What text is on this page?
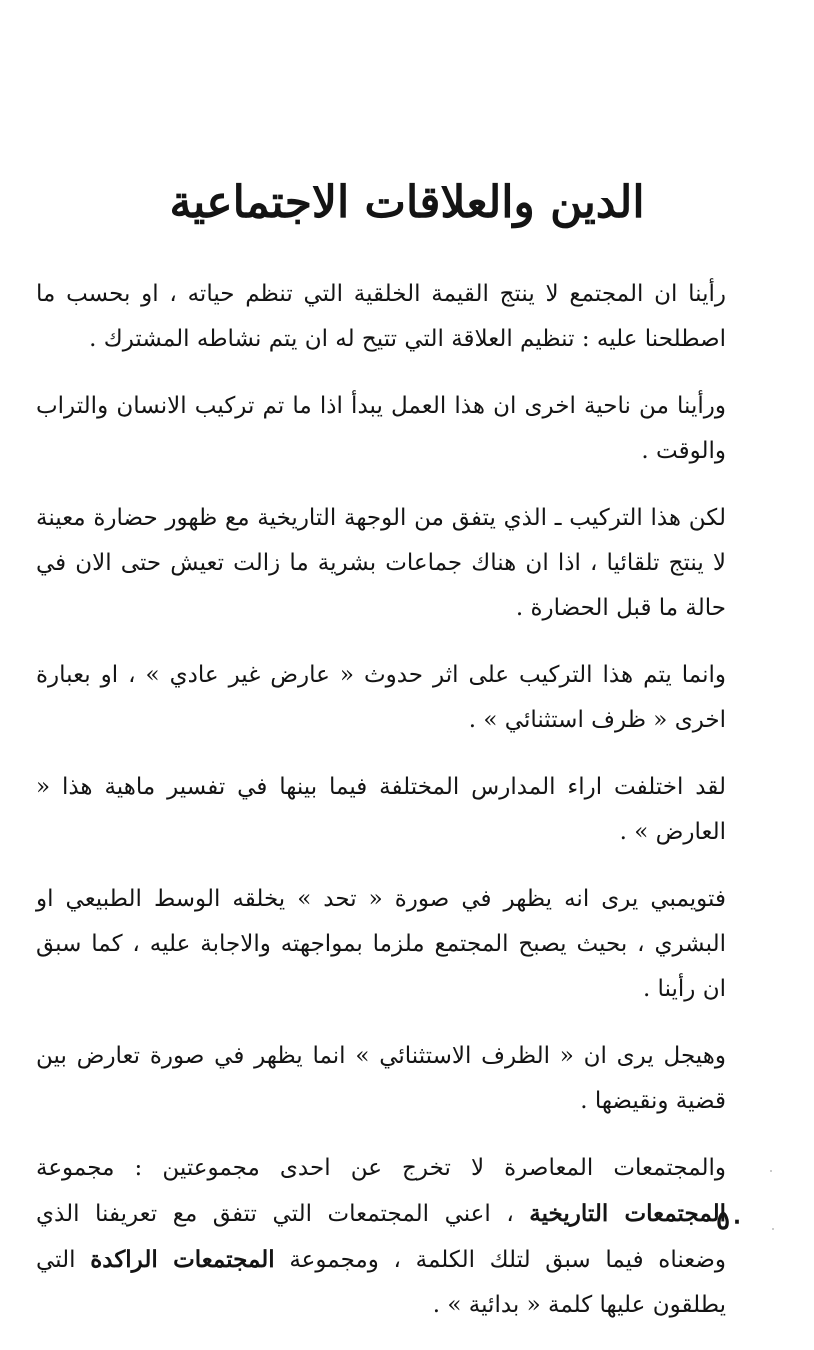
الدين والعلاقات الاجتماعية

رأينا ان المجتمع لا ينتج القيمة الخلقية التي تنظم حياته ، او بحسب ما اصطلحنا عليه : تنظيم العلاقة التي تتيح له ان يتم نشاطه المشترك .

ورأينا من ناحية اخرى ان هذا العمل يبدأ اذا ما تم تركيب الانسان والتراب والوقت .

لكن هذا التركيب ـ الذي يتفق من الوجهة التاريخية مع ظهور حضارة معينة لا ينتج تلقائيا ، اذا ان هناك جماعات بشرية ما زالت تعيش حتى الان في حالة ما قبل الحضارة .

وانما يتم هذا التركيب على اثر حدوث « عارض غير عادي » ، او بعبارة اخرى « ظرف استثنائي » .

لقد اختلفت اراء المدارس المختلفة فيما بينها في تفسير ماهية هذا « العارض » .

فتويمبي يرى انه يظهر في صورة « تحد » يخلقه الوسط الطبيعي او البشري ، بحيث يصبح المجتمع ملزما بمواجهته والاجابة عليه ، كما سبق ان رأينا .

وهيجل يرى ان « الظرف الاستثنائي » انما يظهر في صورة تعارض بين قضية ونقيضها .

والمجتمعات المعاصرة لا تخرج عن احدى مجموعتين : مجموعة المجتمعات التاريخية ، اعني المجتمعات التي تتفق مع تعريفنا الذي وضعناه فيما سبق لتلك الكلمة ، ومجموعة المجتمعات الراكدة التي يطلقون عليها كلمة « بدائية » .

٥٠
